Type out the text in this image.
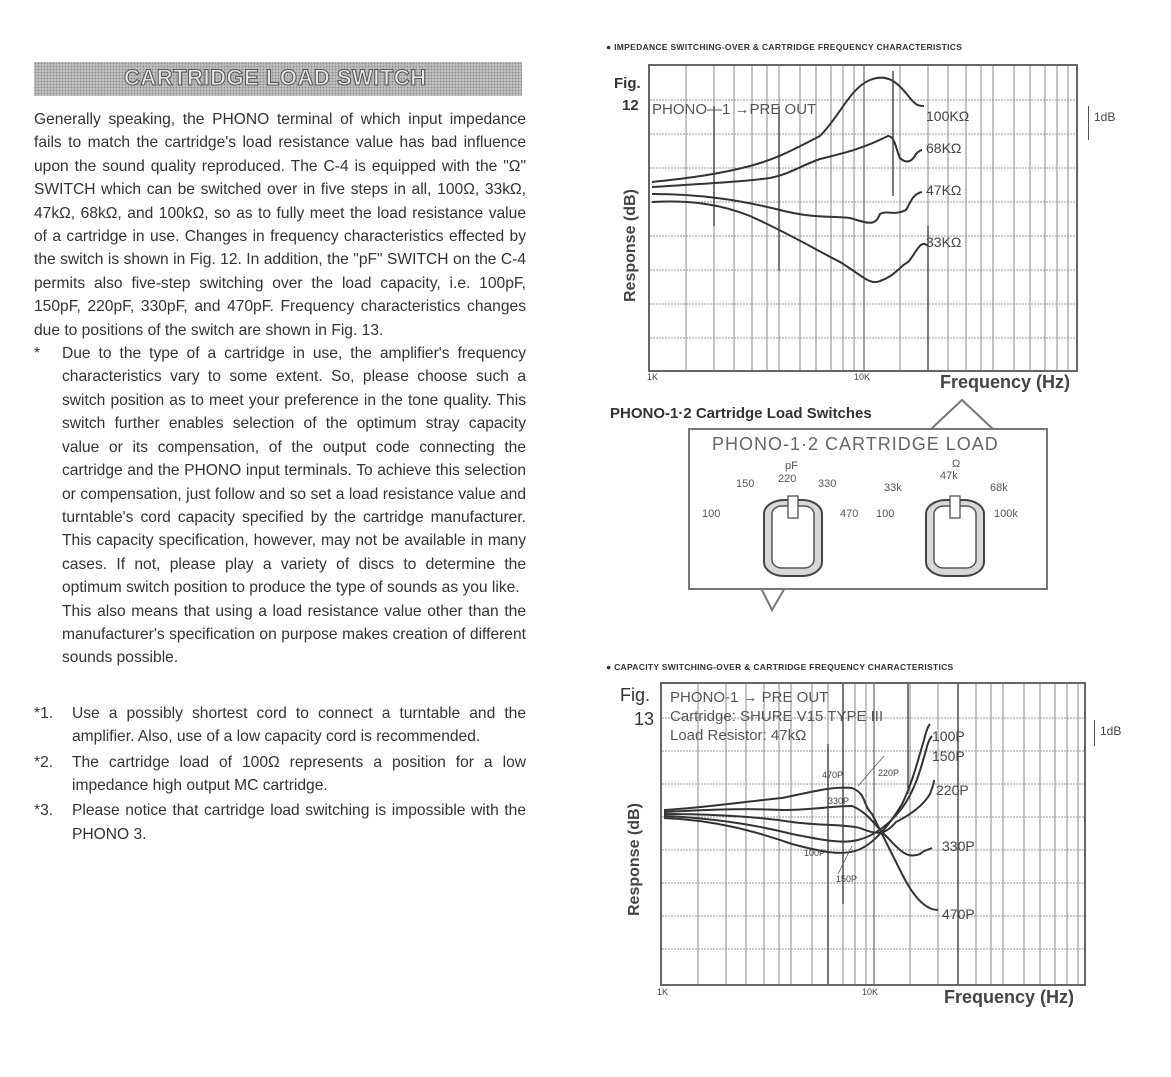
CARTRIDGE LOAD SWITCH

Generally speaking, the PHONO terminal of which input impedance fails to match the cartridge's load resistance value has bad influence upon the sound quality reproduced. The C-4 is equipped with the "Ω" SWITCH which can be switched over in five steps in all, 100Ω, 33kΩ, 47kΩ, 68kΩ, and 100kΩ, so as to fully meet the load resistance value of a cartridge in use. Changes in frequency characteristics effected by the switch is shown in Fig. 12. In addition, the "pF" SWITCH on the C-4 permits also five-step switching over the load capacity, i.e. 100pF, 150pF, 220pF, 330pF, and 470pF. Frequency characteristics changes due to positions of the switch are shown in Fig. 13.

* Due to the type of a cartridge in use, the amplifier's frequency characteristics vary to some extent. So, please choose such a switch position as to meet your preference in the tone quality. This switch further enables selection of the optimum stray capacity value or its compensation, of the output code connecting the cartridge and the PHONO input terminals. To achieve this selection or compensation, just follow and so set a load resistance value and turntable's cord capacity specified by the cartridge manufacturer. This capacity specification, however, may not be available in many cases. If not, please play a variety of discs to determine the optimum switch position to produce the type of sounds as you like.

This also means that using a load resistance value other than the manufacturer's specification on purpose makes creation of different sounds possible.

*1. Use a possibly shortest cord to connect a turntable and the amplifier. Also, use of a low capacity cord is recommended.
*2. The cartridge load of 100Ω represents a position for a low impedance high output MC cartridge.
*3. Please notice that cartridge load switching is impossible with the PHONO 3.
● IMPEDANCE SWITCHING-OVER & CARTRIDGE FREQUENCY CHARACTERISTICS
Fig.
12
Response (dB)
PHONO—1 →PRE OUT	100KΩ
68KΩ
47KΩ
33KΩ
1dB
1K	10K	Frequency (Hz)
PHONO-1·2 Cartridge Load Switches
PHONO-1·2 CARTRIDGE LOAD
pF
100
150 220 330
470
Ω
100
33k
47k
68k
100k
● CAPACITY SWITCHING-OVER & CARTRIDGE FREQUENCY CHARACTERISTICS
Fig.
13
Response (dB)
PHONO-1 → PRE OUT
Cartridge: SHURE V15 TYPE III
Load Resistor: 47kΩ	100P
150P
220P
330P
470P
470P	220P
330P
100P
150P
1dB
1K	10K	Frequency (Hz)
